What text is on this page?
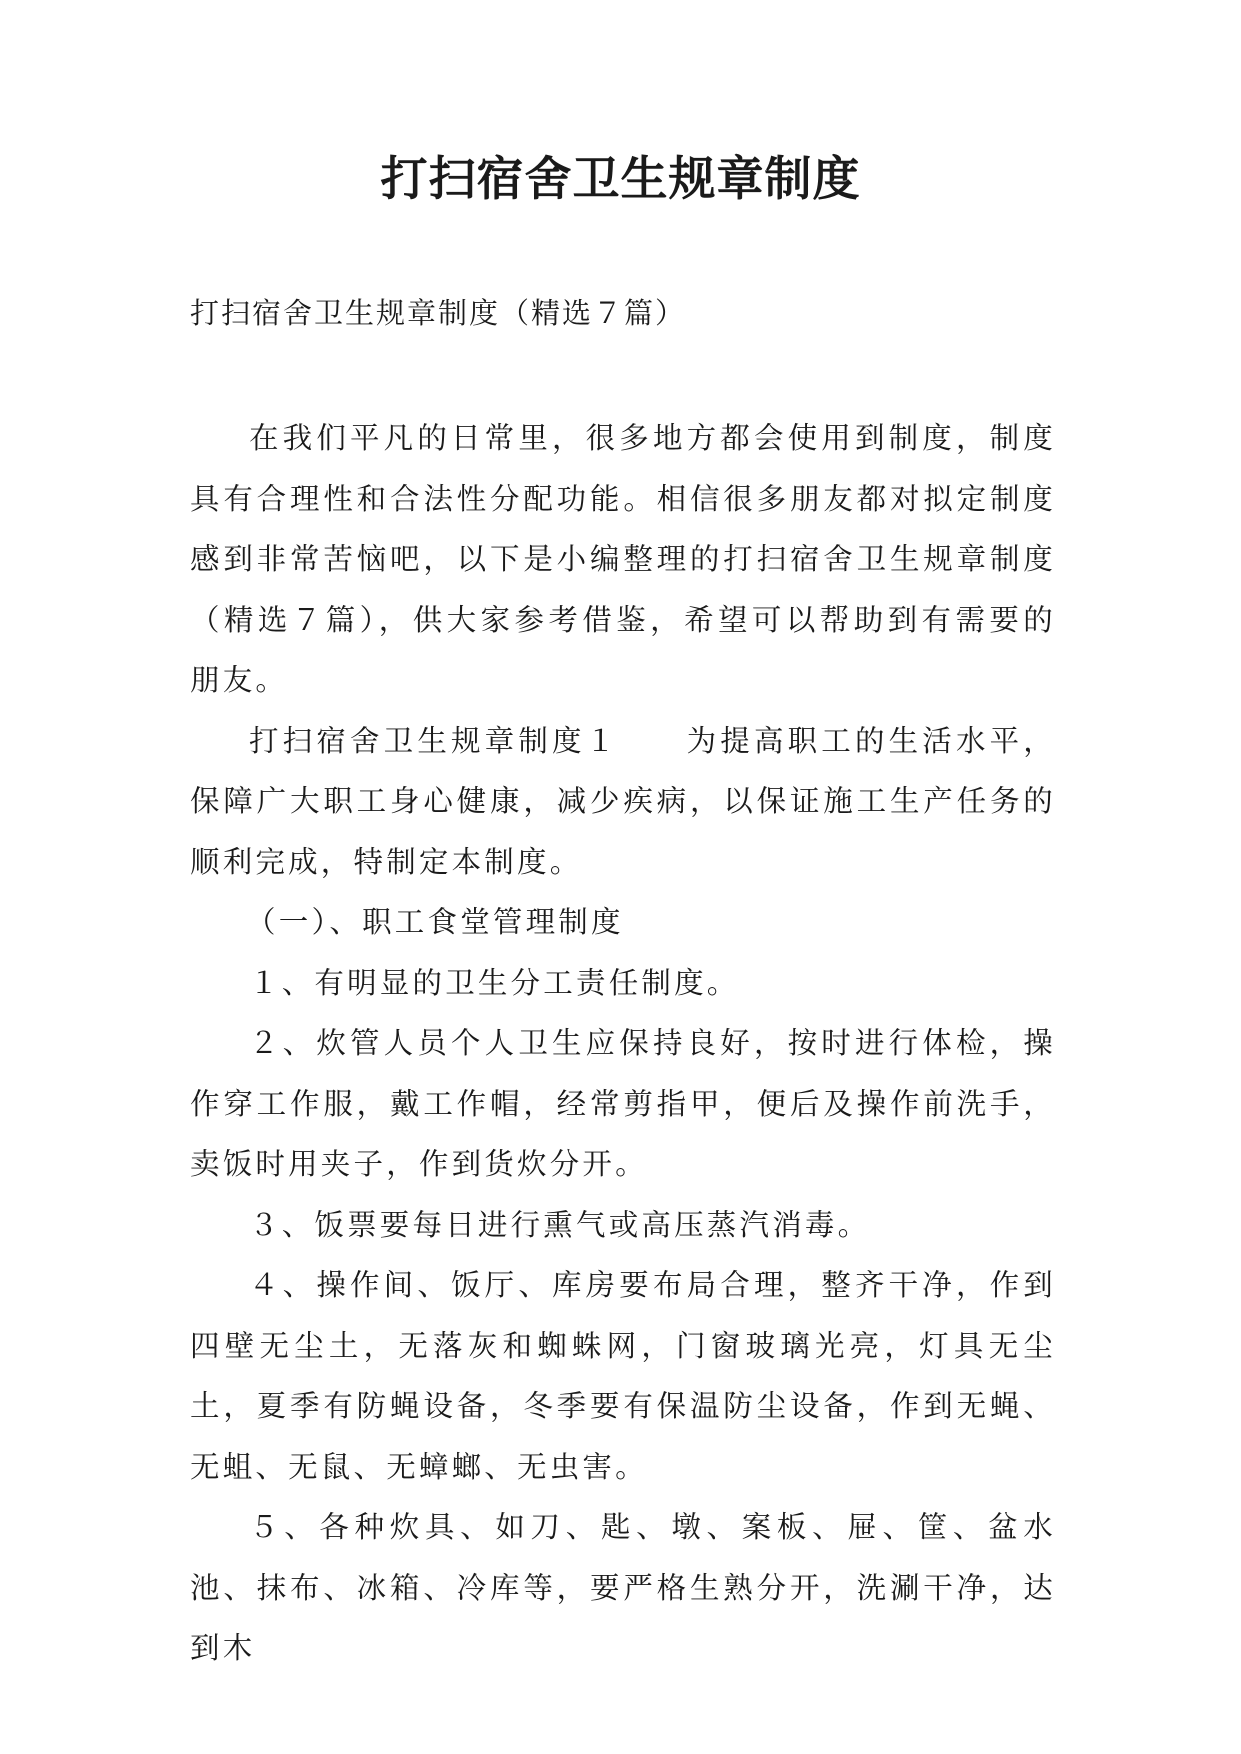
打扫宿舍卫生规章制度
打扫宿舍卫生规章制度（精选７篇）

在我们平凡的日常里，很多地方都会使用到制度，制度具有合理性和合法性分配功能。相信很多朋友都对拟定制度感到非常苦恼吧，以下是小编整理的打扫宿舍卫生规章制度（精选７篇），供大家参考借鉴，希望可以帮助到有需要的朋友。

打扫宿舍卫生规章制度１　　为提高职工的生活水平，保障广大职工身心健康，减少疾病，以保证施工生产任务的顺利完成，特制定本制度。

（一）、职工食堂管理制度

１、有明显的卫生分工责任制度。

２、炊管人员个人卫生应保持良好，按时进行体检，操作穿工作服，戴工作帽，经常剪指甲，便后及操作前洗手，卖饭时用夹子，作到货炊分开。

３、饭票要每日进行熏气或高压蒸汽消毒。

４、操作间、饭厅、库房要布局合理，整齐干净，作到四壁无尘土，无落灰和蜘蛛网，门窗玻璃光亮，灯具无尘土，夏季有防蝇设备，冬季要有保温防尘设备，作到无蝇、无蛆、无鼠、无蟑螂、无虫害。

５、各种炊具、如刀、匙、墩、案板、屉、筐、盆水池、抹布、冰箱、冷库等，要严格生熟分开，洗涮干净，达到木
